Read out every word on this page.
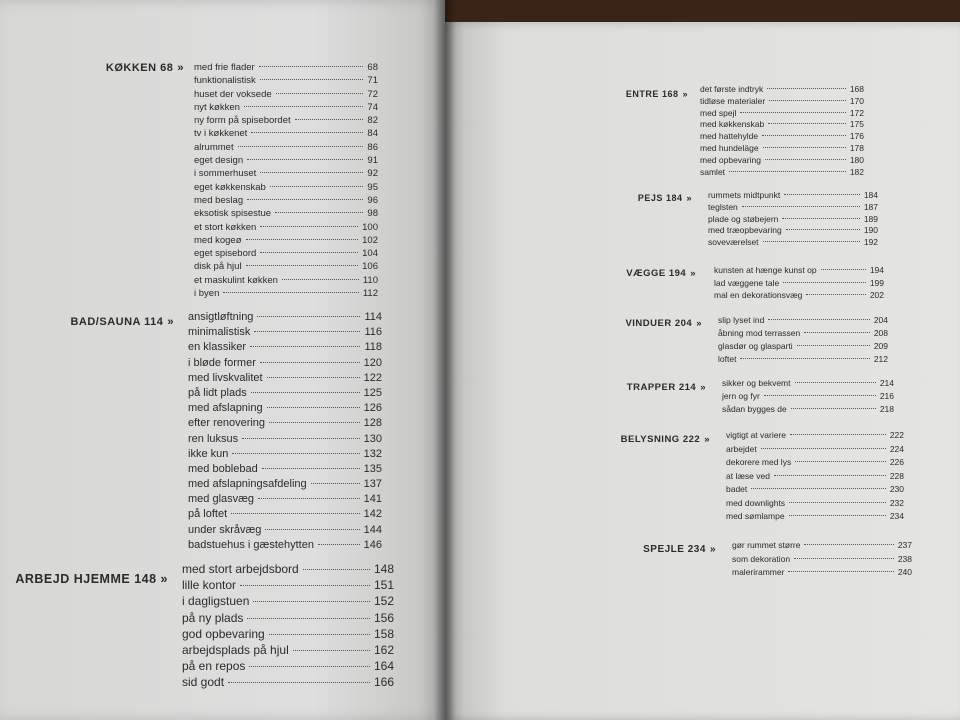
KØKKEN 68 » med frie flader	68
funktionalistisk	71
huset der voksede	72
nyt køkken	74
ny form på spisebordet	82
tv i køkkenet	84
alrummet	86
eget design	91
i sommerhuset	92
eget køkkenskab	95
med beslag	96
eksotisk spisestue	98
et stort køkken	100
med kogeø	102
eget spisebord	104
disk på hjul	106
et maskulint køkken	110
i byen	112
BAD/SAUNA 114 » ansigtløftning	114
minimalistisk	116
en klassiker	118
i bløde former	120
med livskvalitet	122
på lidt plads	125
med afslapning	126
efter renovering	128
ren luksus	130
ikke kun	132
med boblebad	135
med afslapningsafdeling	137
med glasvæg	141
på loftet	142
under skråvæg	144
badstuehus i gæstehytten	146
ARBEJD HJEMME 148 »
med stort arbejdsbord	148
lille kontor	151
i dagligstuen	152
på ny plads	156
god opbevaring	158
arbejdsplads på hjul	162
på en repos	164
sid godt	166
ENTRE 168 » det første indtryk	168
tidløse materialer	170
med spejl	172
med køkkenskab	175
med hattehylde	176
med hundeläge	178
med opbevaring	180
samlet	182
PEJS 184 » rummets midtpunkt	184
teglsten	187
plade og støbejern	189
med træopbevaring	190
soveværelset	192
VÆGGE 194 » kunsten at hænge kunst op	194
lad væggene tale	199
mal en dekorationsvæg	202
VINDUER 204 » slip lyset ind	204
åbning mod terrassen	208
glasdør og glasparti	209
loftet	212
TRAPPER 214 » sikker og bekvemt	214
jern og fyr	216
sådan bygges de	218
BELYSNING 222 » vigtigt at variere	222
arbejdet	224
dekorere med lys	226
at læse ved	228
badet	230
med downlights	232
med sømlampe	234
SPEJLE 234 » gør rummet større	237
som dekoration	238
malerirammer	240
